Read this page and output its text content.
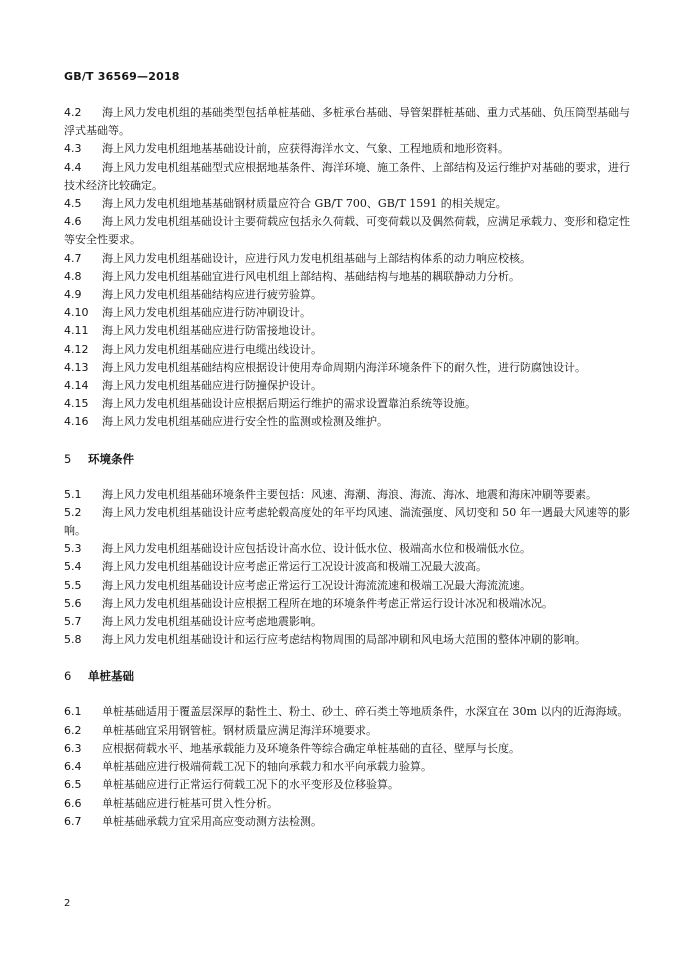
GB/T 36569—2018
4.2 海上风力发电机组的基础类型包括单桩基础、多桩承台基础、导管架群桩基础、重力式基础、负压筒型基础与浮式基础等。
4.3 海上风力发电机组地基基础设计前，应获得海洋水文、气象、工程地质和地形资料。
4.4 海上风力发电机组基础型式应根据地基条件、海洋环境、施工条件、上部结构及运行维护对基础的要求，进行技术经济比较确定。
4.5 海上风力发电机组地基基础钢材质量应符合 GB/T 700、GB/T 1591 的相关规定。
4.6 海上风力发电机组基础设计主要荷载应包括永久荷载、可变荷载以及偶然荷载，应满足承载力、变形和稳定性等安全性要求。
4.7 海上风力发电机组基础设计，应进行风力发电机组基础与上部结构体系的动力响应校核。
4.8 海上风力发电机组基础宜进行风电机组上部结构、基础结构与地基的耦联静动力分析。
4.9 海上风力发电机组基础结构应进行疲劳验算。
4.10 海上风力发电机组基础应进行防冲刷设计。
4.11 海上风力发电机组基础应进行防雷接地设计。
4.12 海上风力发电机组基础应进行电缆出线设计。
4.13 海上风力发电机组基础结构应根据设计使用寿命周期内海洋环境条件下的耐久性，进行防腐蚀设计。
4.14 海上风力发电机组基础应进行防撞保护设计。
4.15 海上风力发电机组基础设计应根据后期运行维护的需求设置靠泊系统等设施。
4.16 海上风力发电机组基础应进行安全性的监测或检测及维护。
5 环境条件
5.1 海上风力发电机组基础环境条件主要包括：风速、海潮、海浪、海流、海冰、地震和海床冲刷等要素。
5.2 海上风力发电机组基础设计应考虑轮毂高度处的年平均风速、湍流强度、风切变和 50 年一遇最大风速等的影响。
5.3 海上风力发电机组基础设计应包括设计高水位、设计低水位、极端高水位和极端低水位。
5.4 海上风力发电机组基础设计应考虑正常运行工况设计波高和极端工况最大波高。
5.5 海上风力发电机组基础设计应考虑正常运行工况设计海流流速和极端工况最大海流流速。
5.6 海上风力发电机组基础设计应根据工程所在地的环境条件考虑正常运行设计冰况和极端冰况。
5.7 海上风力发电机组基础设计应考虑地震影响。
5.8 海上风力发电机组基础设计和运行应考虑结构物周围的局部冲刷和风电场大范围的整体冲刷的影响。
6 单桩基础
6.1 单桩基础适用于覆盖层深厚的黏性土、粉土、砂土、碎石类土等地质条件，水深宜在 30m 以内的近海海域。
6.2 单桩基础宜采用钢管桩。钢材质量应满足海洋环境要求。
6.3 应根据荷载水平、地基承载能力及环境条件等综合确定单桩基础的直径、壁厚与长度。
6.4 单桩基础应进行极端荷载工况下的轴向承载力和水平向承载力验算。
6.5 单桩基础应进行正常运行荷载工况下的水平变形及位移验算。
6.6 单桩基础应进行桩基可贯入性分析。
6.7 单桩基础承载力宜采用高应变动测方法检测。
2
